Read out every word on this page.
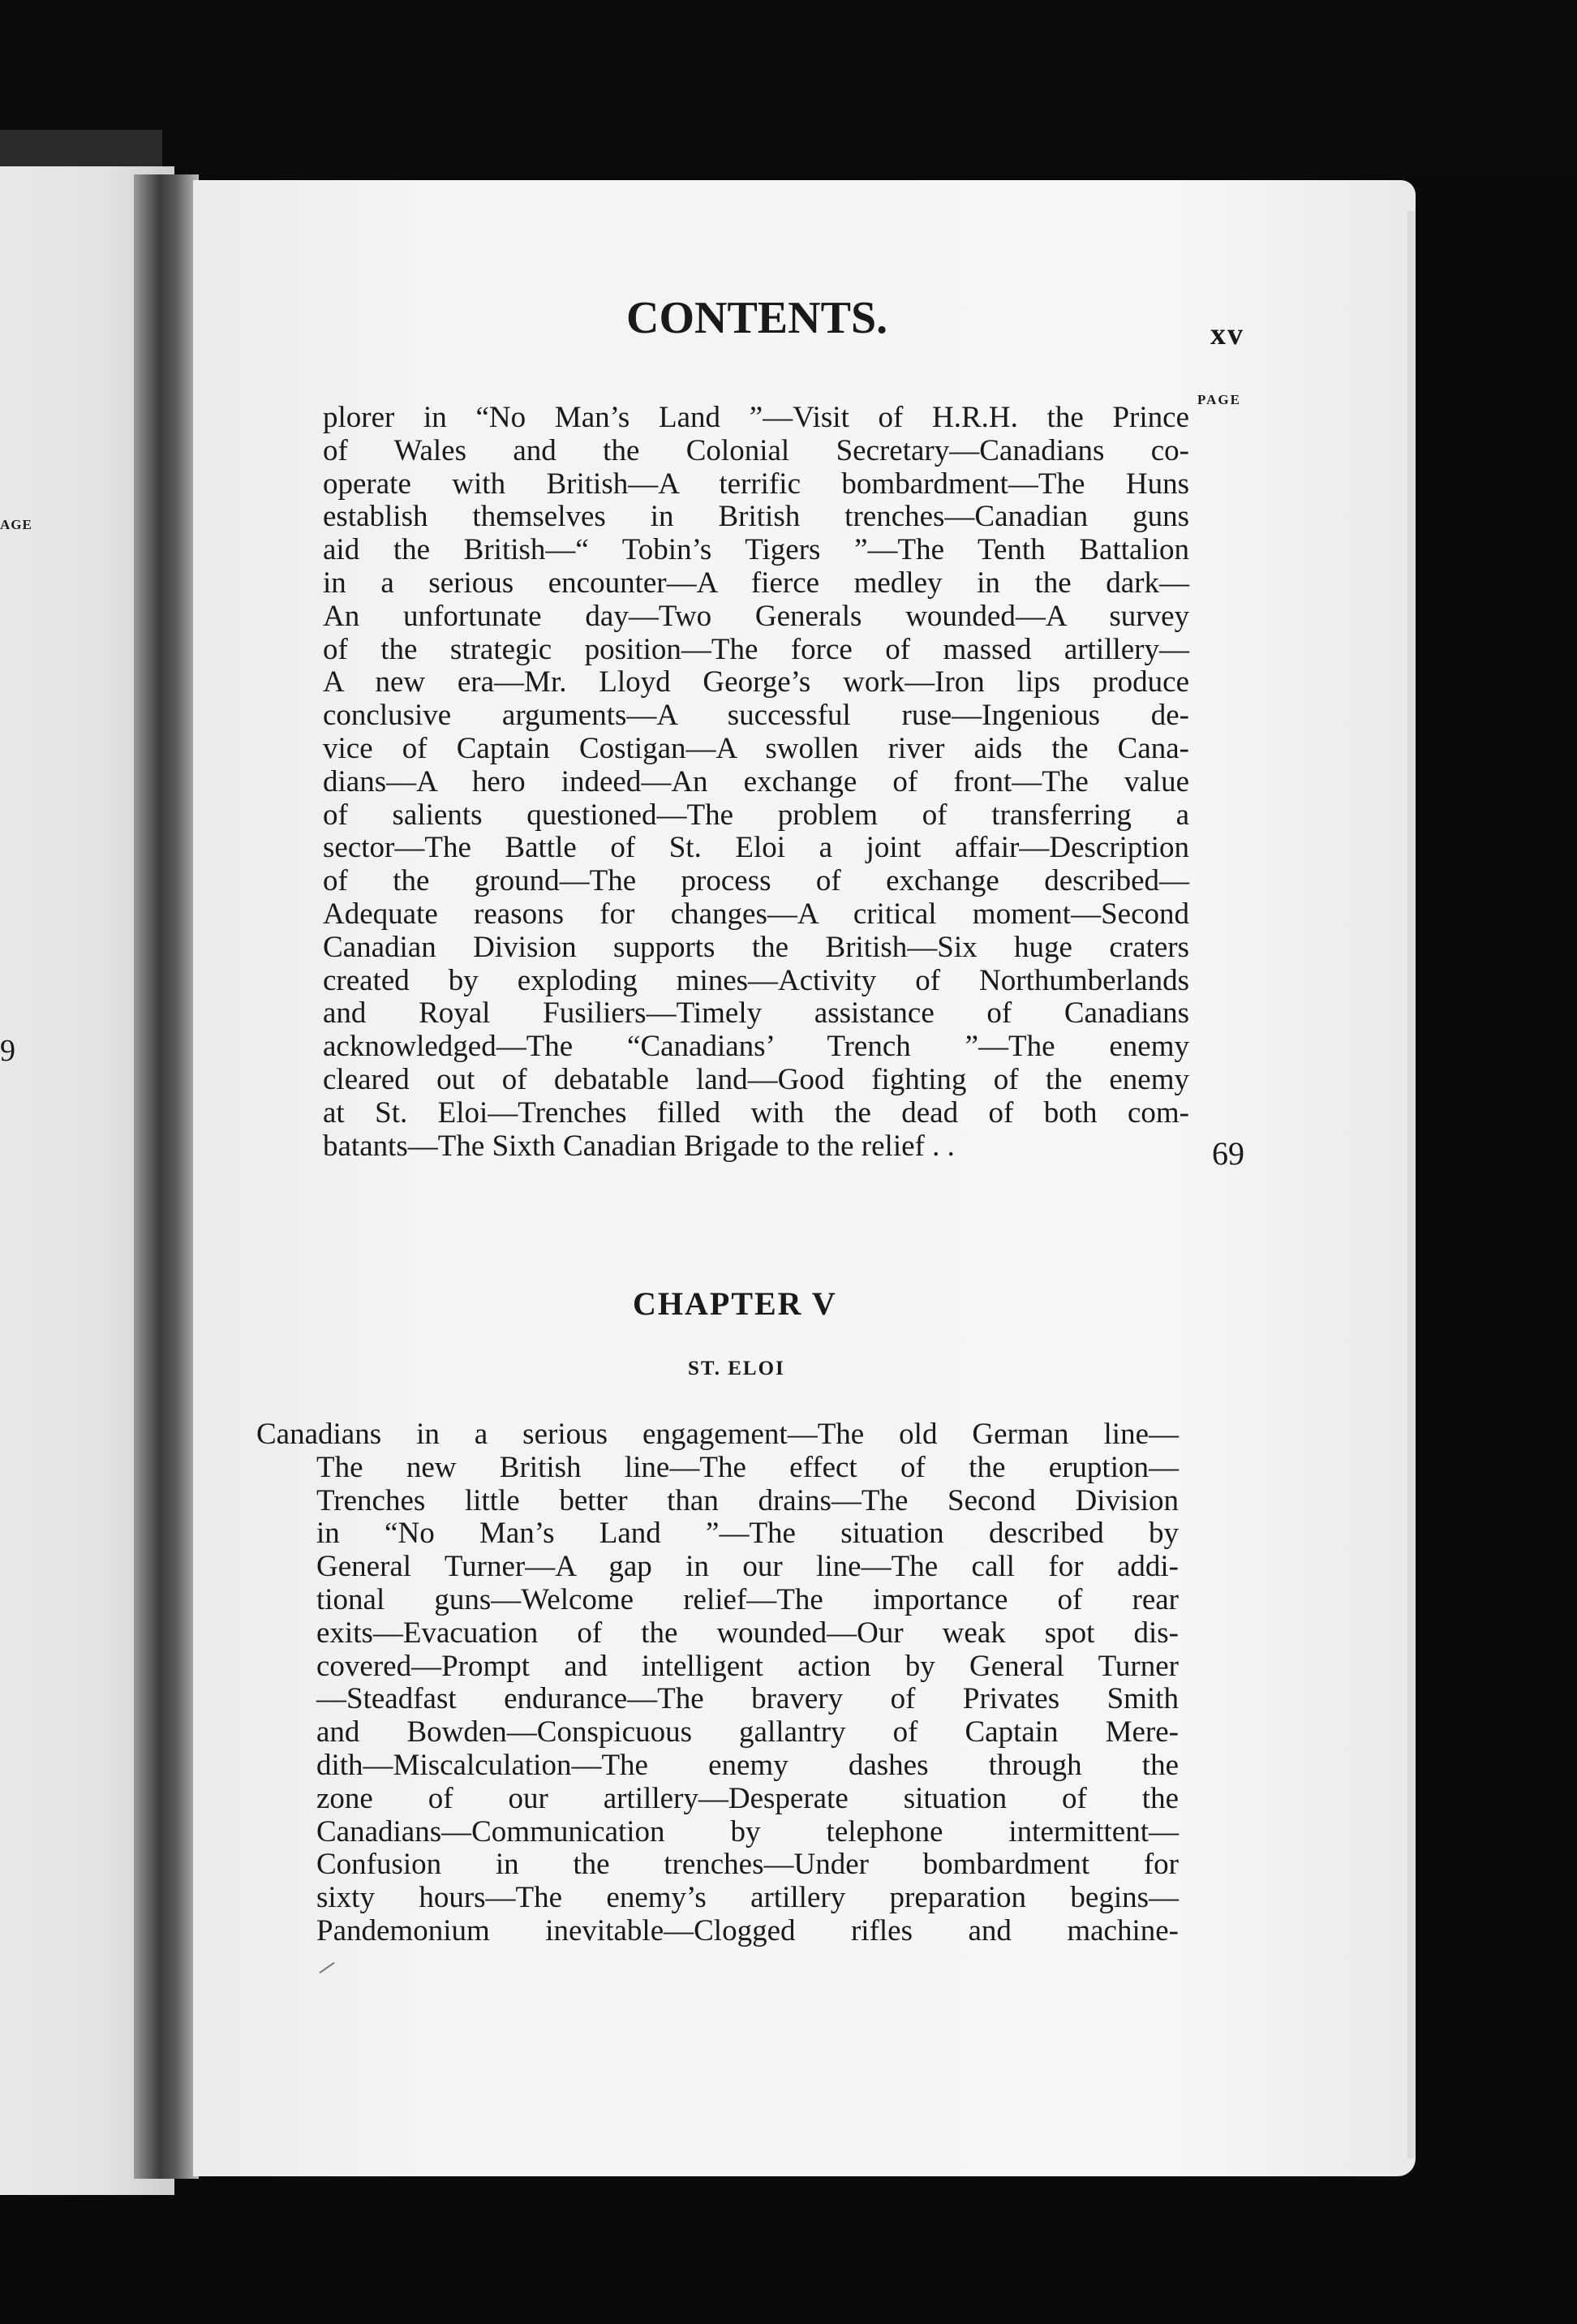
AGE
9
CONTENTS.	xv
PAGE
plorer in “No Man’s Land ”—Visit of H.R.H. the Prince
of Wales and the Colonial Secretary—Canadians co-
operate with British—A terrific bombardment—The Huns
establish themselves in British trenches—Canadian guns
aid the British—“ Tobin’s Tigers ”—The Tenth Battalion
in a serious encounter—A fierce medley in the dark—
An unfortunate day—Two Generals wounded—A survey
of the strategic position—The force of massed artillery—
A new era—Mr. Lloyd George’s work—Iron lips produce
conclusive arguments—A successful ruse—Ingenious de-
vice of Captain Costigan—A swollen river aids the Cana-
dians—A hero indeed—An exchange of front—The value
of salients questioned—The problem of transferring a
sector—The Battle of St. Eloi a joint affair—Description
of the ground—The process of exchange described—
Adequate reasons for changes—A critical moment—Second
Canadian Division supports the British—Six huge craters
created by exploding mines—Activity of Northumberlands
and Royal Fusiliers—Timely assistance of Canadians
acknowledged—The “Canadians’ Trench ”—The enemy
cleared out of debatable land—Good fighting of the enemy
at St. Eloi—Trenches filled with the dead of both com-
batants—The Sixth Canadian Brigade to the relief . .	69
CHAPTER V
ST. ELOI
Canadians in a serious engagement—The old German line—
The new British line—The effect of the eruption—
Trenches little better than drains—The Second Division
in “No Man’s Land ”—The situation described by
General Turner—A gap in our line—The call for addi-
tional guns—Welcome relief—The importance of rear
exits—Evacuation of the wounded—Our weak spot dis-
covered—Prompt and intelligent action by General Turner
—Steadfast endurance—The bravery of Privates Smith
and Bowden—Conspicuous gallantry of Captain Mere-
dith—Miscalculation—The enemy dashes through the
zone of our artillery—Desperate situation of the
Canadians—Communication by telephone intermittent—
Confusion in the trenches—Under bombardment for
sixty hours—The enemy’s artillery preparation begins—
Pandemonium inevitable—Clogged rifles and machine-
